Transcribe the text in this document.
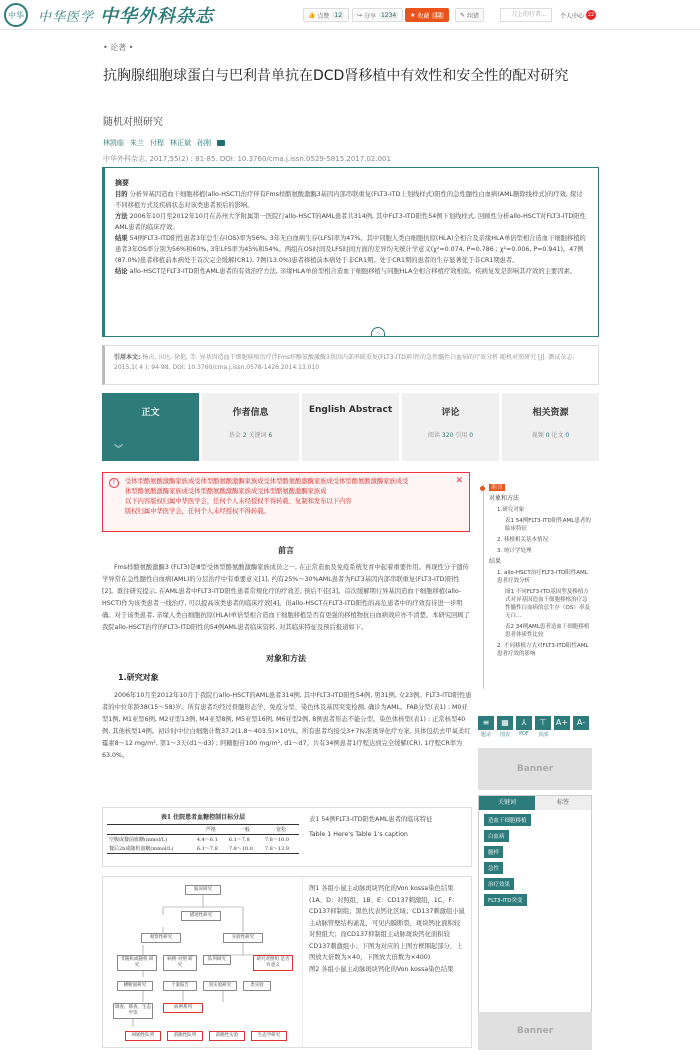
中华	中华医学 中华外科杂志	👍
点赞 12	↪
分享 1234	★
收藏 12	✎
纠错	刀上的行者...	个人中心 22
• 论著 •
抗胸腺细胞球蛋白与巴利昔单抗在DCD肾移植中有效性和安全性的配对研究
随机对照研究
林凯临 朱兰 付程 林正斌 孙刚
中华外科杂志, 2017,55(2) : 81-85. DOI: 10.3760/cma.j.issn.0529-5815.2017.02.001
摘要
目的 分析异基因造血干细胞移植(allo-HSCT)治疗伴有Fms样酪氨酸激酶3基因内部串联重复(FLT3-ITD上划线样式)阳性的急性髓性白血病(AML删除线样式)的疗效, 探讨不同移植方式及疾病状态对该类患者预后的影响。
方法 2006年10月至2012年10月在苏州大学附属第一医院行allo-HSCT的AML患者共314例, 其中FLT3-ITD阳性54例下划线样式, 回顾性分析allo-HSCT对FLT3-ITD阳性AML患者的临床疗效。
结果 54例FLT3-ITD阳性患者3年总生存(OS)率为56%, 3年无白血病生存(LFS)率为47%。其中同胞人类白细胞抗原(HLA)全相合及亲缘HLA单倍型相合造血干细胞移植的患者3年OS率分别为56%和60%, 3年LFS率为45%和54%。两组在OS时间及LFS时间方面的差异均无统计学意义(χ²=0.074, P=0.786 ; χ²=0.006, P=0.941)。47例(87.0%)患者移植前本病处于首次完全缓解(CR1), 7例(13.0%)患者移植前本病处于非CR1期。处于CR1期的患者的生存显著优于非CR1期患者。
结论 allo-HSCT是FLT3-ITD阳性AML患者的有效治疗方法, 亲缘HLA单倍型相合造血干细胞移植与同胞HLA全相合移植疗效相似。疾病复发是影响其疗效的主要因素。
︿
引用本文: 杨贞, 田达, 徐艳, 等. 异基因造血干细胞移植治疗伴Fms样酪氨酸激酶3基因内部串联重复(FLT3-ITD)阳性的急性髓性白血病的疗效分析 随机对照研究 [J]. 测试杂志, 2015,1( 4 ): 94-98. DOI: 10.3760/cma.j.issn.0578-1426.2014.13.010
正文
︾
作者信息
基金 2 关键词 6
English Abstract	评论
阅读 320 引用 0
相关资源
视频 0 论文 0
!	受体型酪氨酸激酶家族成受体型酪氨酸激酶家族成受体型酪氨酸激酶家族成受体型酪氨酸激酶家族成受
体型酪氨酸激酶家族成受体型酪氨酸激酶家族成受体型酪氨酸激酶家族成
以下内容版权归属中华医学会，任何个人未经授权不得转载、复制和发布以下内容
版权归属中华医学会，任何个人未经授权不得转载。
✕
前言
Fms样酪氨酸激酶3 (FLT3)是Ⅲ型受体型酪氨酸激酶家族成员之一, 在正常造血及免疫系统发育中起着重要作用。再现性分子遗传学异常在急性髓性白血病(AML)的分层治疗中有重要意义[1], 约有25%～30%AML患者为FLT3基因内部串联重复(FLT3-ITD)阳性[2]。既往研究提示, 在AML患者中FLT3-ITD阳性患者常规化疗的疗效差, 预后不佳[3]。首次缓解期行异基因造血干细胞移植(allo-HSCT)作为该类患者一线治疗, 可以提高该类患者的临床疗效[4]。但allo-HSCT在FLT3-ITD阳性的高危患者中的疗效有待进一步明确。对于该类患者, 亲缘人类白细胞抗原(HLA)单倍型相合造血干细胞移植是否有更强的移植物抗白血病效应亦不清楚。本研究回顾了我院allo-HSCT治疗的FLT3-ITD阳性的54例AML患者临床资料, 对其临床特征及预后报道如下。
对象和方法
1.研究对象
2006年10月至2012年10月于我院行allo-HSCT的AML患者314例, 其中FLT3-ITD阳性54例, 男31例, 女23例。FLT3-ITD阳性患者的中位年龄38(15～58)岁。所有患者均经过骨髓形态学、免疫分型、染色体及基因突变检测, 确诊为AML。FAB分型(表1) : M0亚型1例, M1亚型6例, M2亚型13例, M4亚型8例, M5亚型16例, M6亚型2例, 8例患者形态不能分型。染色体核型(表1) : 正常核型40例, 其他核型14例。初诊时中位白细胞计数37.2(1.8～403.5)×10⁹/L。所有患者均接受3+7标准诱导化疗方案, 具体包括去甲氧柔红霉素8～12 mg/m², 第1～3天(d1～d3) ; 阿糖胞苷100 mg/m², d1～d7。共有34例患者1疗程达到完全缓解(CR), 1疗程CR率为63.0%。
表1 住院患者血糖控制目标分层
	严格	一般	宽松
空腹或餐前血糖(mmol/L)	4.4～6.1	6.1～7.8	7.8～10.0
餐后2h或随机血糖(mmol/L)	6.1～7.8	7.8～10.0	7.8～13.9
表1 54例FLT3-ITD阳性AML患者的临床特征
Table 1 Here's Table 1's caption
临床研究
描述性研究
观察性研究	实验性研究
非随机或随机 研究
病例-对照 研究
队列研究	研究对照组 是否有意义
横断面研究	个案报告	真实验研究	类实验
调查、筛查、生态学等
病例系列
回顾性队列	前瞻性队列	前瞻性实验	生态学研究
图1 各组小鼠主动脉斑块钙化的Von kossa染色结果(1A、D：对照组，1B、E：CD137刺激组，1C、F：CD137抑制组；黑色代表钙化区域；CD137刺激组小鼠主动脉管壁结构紊乱，可见内膜断裂，斑块钙化面积较对照组大；而CD137抑制组主动脉斑块钙化面积较CD137刺激组小；下图为对应的上图方框圈起部分，上图放大倍数为×40，下图放大倍数为×400)
图2 各组小鼠主动脉斑块钙化的Von kossa染色结果
前言
对象和方法
1.研究对象
表1 54例FLT3-ITD阳性AML患者的临床特征
2. 移植相关基本情况
3. 统计学处理
结果
1. allo-HSCT治疗FLT3-ITD阳性AML患者疗效分析
图1 不同FLT3-ITD基因型及移植方式对异基因造血干细胞移植治疗急性髓性白血病的总生存（OS）率及无白...
表2 34例AML患者造血干细胞移植患者体质性比较
2. 不同移植方式对FLT3-ITD阳性AML患者疗效的影响
≡
题录
▦
图表
⅄
PDF
⊤
顶部
A+	A-
Banner
关键词	标签
造血干细胞移植
白血病
髓样
急性
治疗效果
FLT3-ITD突变
Banner
